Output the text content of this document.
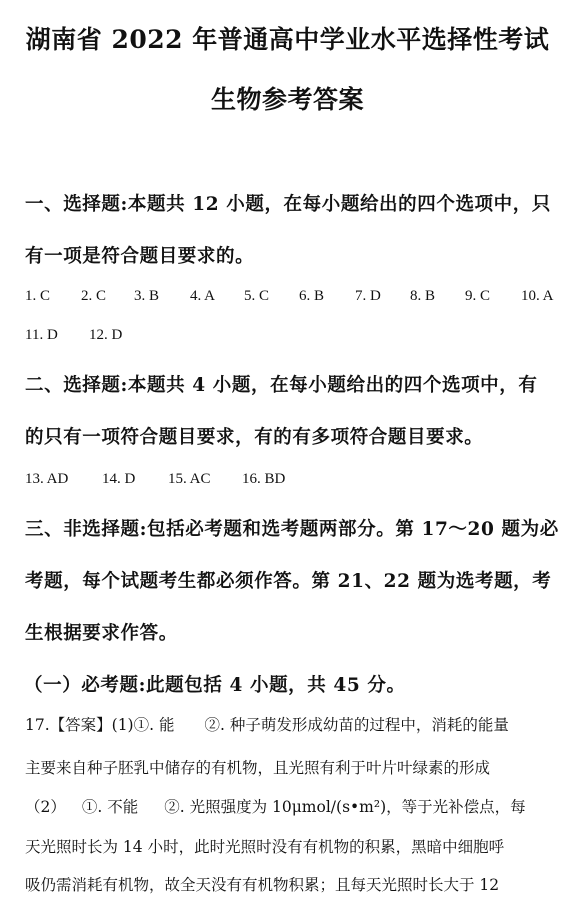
湖南省 2022 年普通高中学业水平选择性考试
生物参考答案
一、选择题:本题共 12 小题，在每小题给出的四个选项中，只
有一项是符合题目要求的。
1. C 2. C 3. B 4. A 5. C 6. B 7. D 8. B 9. C 10. A
11. D 12. D
二、选择题:本题共 4 小题，在每小题给出的四个选项中，有
的只有一项符合题目要求，有的有多项符合题目要求。
13. AD 14. D 15. AC 16. BD
三、非选择题:包括必考题和选考题两部分。第 17～20 题为必
考题，每个试题考生都必须作答。第 21、22 题为选考题，考
生根据要求作答。
（一）必考题:此题包括 4 小题，共 45 分。
17.【答案】(1)①. 能 ②. 种子萌发形成幼苗的过程中，消耗的能量
主要来自种子胚乳中储存的有机物，且光照有利于叶片叶绿素的形成
（2） ①. 不能 ②. 光照强度为 10μmol/(s•m²)，等于光补偿点，每
天光照时长为 14 小时，此时光照时没有有机物的积累，黑暗中细胞呼
吸仍需消耗有机物，故全天没有有机物积累；且每天光照时长大于 12
